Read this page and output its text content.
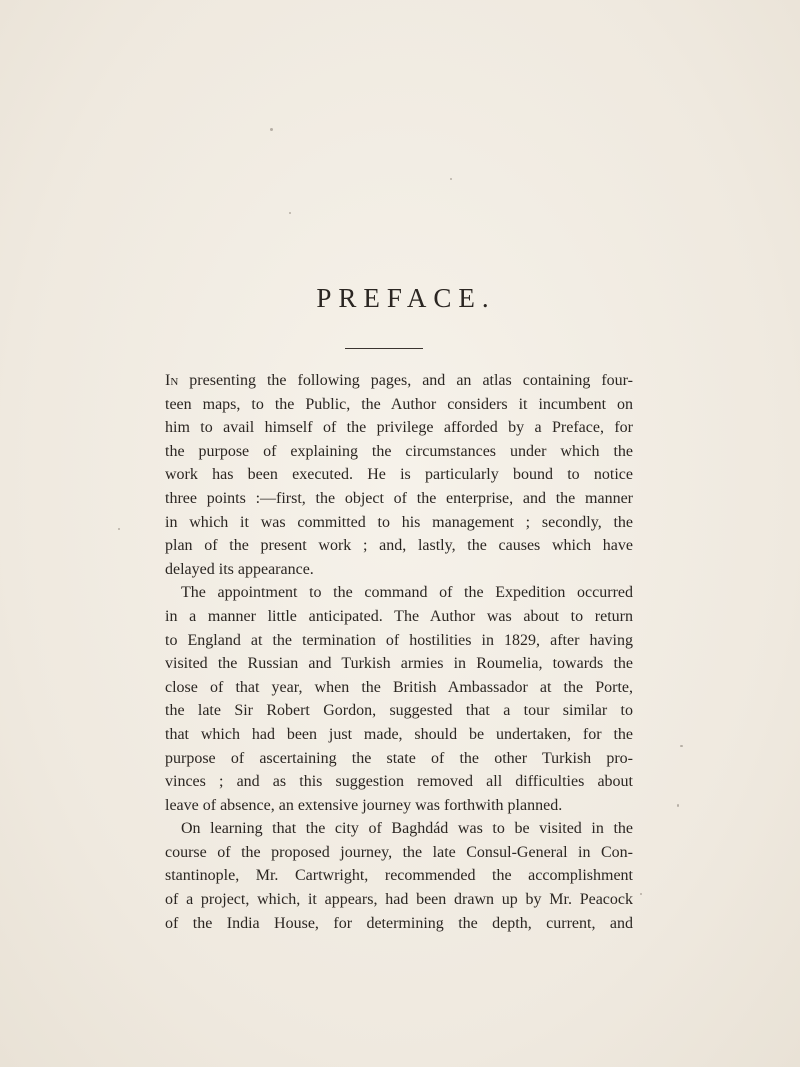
PREFACE.

In presenting the following pages, and an atlas containing four-
teen maps, to the Public, the Author considers it incumbent on
him to avail himself of the privilege afforded by a Preface, for
the purpose of explaining the circumstances under which the
work has been executed. He is particularly bound to notice
three points :—first, the object of the enterprise, and the manner
in which it was committed to his management ; secondly, the
plan of the present work ; and, lastly, the causes which have
delayed its appearance.

The appointment to the command of the Expedition occurred
in a manner little anticipated. The Author was about to return
to England at the termination of hostilities in 1829, after having
visited the Russian and Turkish armies in Roumelia, towards the
close of that year, when the British Ambassador at the Porte,
the late Sir Robert Gordon, suggested that a tour similar to
that which had been just made, should be undertaken, for the
purpose of ascertaining the state of the other Turkish pro-
vinces ; and as this suggestion removed all difficulties about
leave of absence, an extensive journey was forthwith planned.

On learning that the city of Baghdád was to be visited in the
course of the proposed journey, the late Consul-General in Con-
stantinople, Mr. Cartwright, recommended the accomplishment
of a project, which, it appears, had been drawn up by Mr. Peacock
of the India House, for determining the depth, current, and
